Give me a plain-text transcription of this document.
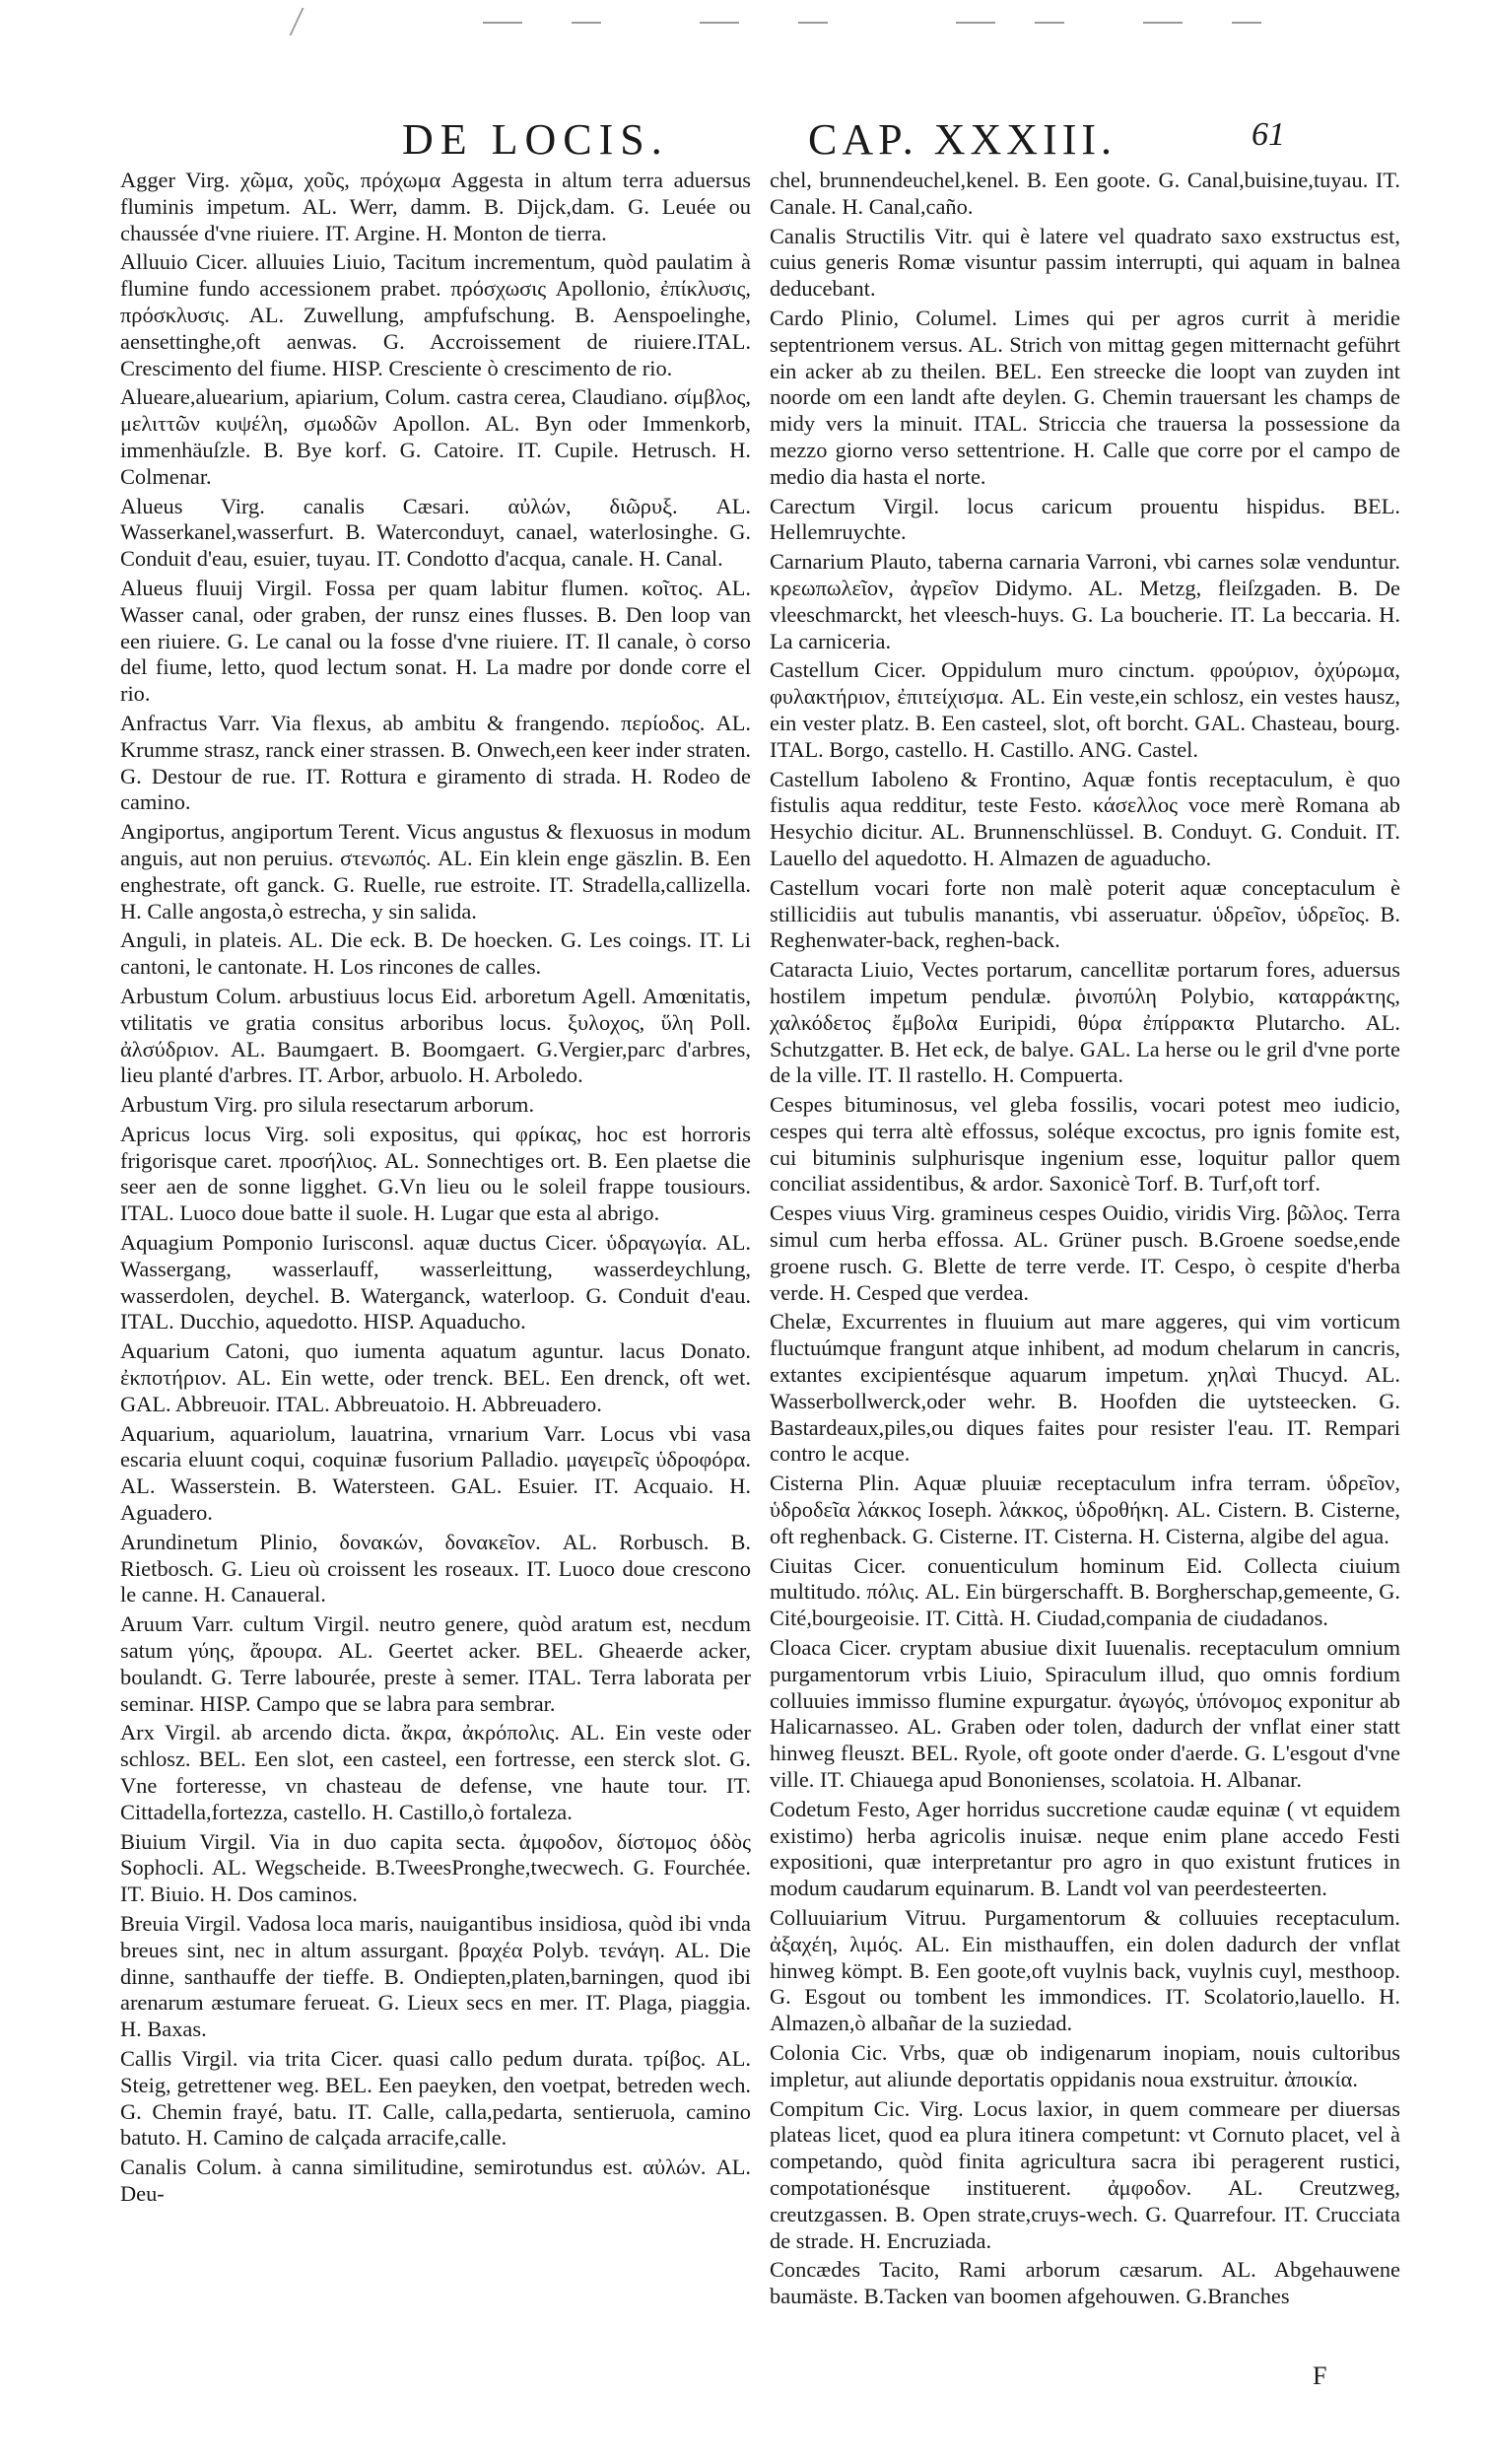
DE LOCIS.	CAP. XXXIII.	61

Agger Virg. χῶμα, χοῦς, πρόχωμα Aggesta in altum terra aduersus fluminis impetum. AL. Werr, damm. B. Dijck,dam. G. Leuée ou chaussée d'vne riuiere. IT. Argine. H. Monton de tierra.

Alluuio Cicer. alluuies Liuio, Tacitum incrementum, quòd paulatim à flumine fundo accessionem prabet. πρόσχωσις Apollonio, ἐπίκλυσις, πρόσκλυσις. AL. Zuwellung, ampfufschung. B. Aenspoelinghe, aensettinghe,oft aenwas. G. Accroissement de riuiere.ITAL. Crescimento del fiume. HISP. Cresciente ò crescimento de rio.

Alueare,aluearium, apiarium, Colum. castra cerea, Claudiano. σίμβλος, μελιττῶν κυψέλη, σμωδῶν Apollon. AL. Byn oder Immenkorb, immenhäuſzle. B. Bye korf. G. Catoire. IT. Cupile. Hetrusch. H. Colmenar.

Alueus Virg. canalis Cæsari. αὐλών, διῶρυξ. AL. Wasserkanel,wasserfurt. B. Waterconduyt, canael, waterlosinghe. G. Conduit d'eau, esuier, tuyau. IT. Condotto d'acqua, canale. H. Canal.

Alueus fluuij Virgil. Fossa per quam labitur flumen. κοῖτος. AL. Wasser canal, oder graben, der runsz eines flusses. B. Den loop van een riuiere. G. Le canal ou la fosse d'vne riuiere. IT. Il canale, ò corso del fiume, letto, quod lectum sonat. H. La madre por donde corre el rio.

Anfractus Varr. Via flexus, ab ambitu & frangendo. περίοδος. AL. Krumme strasz, ranck einer strassen. B. Onwech,een keer inder straten. G. Destour de rue. IT. Rottura e giramento di strada. H. Rodeo de camino.

Angiportus, angiportum Terent. Vicus angustus & flexuosus in modum anguis, aut non peruius. στενωπός. AL. Ein klein enge gäszlin. B. Een enghestrate, oft ganck. G. Ruelle, rue estroite. IT. Stradella,callizella. H. Calle angosta,ò estrecha, y sin salida.

Anguli, in plateis. AL. Die eck. B. De hoecken. G. Les coings. IT. Li cantoni, le cantonate. H. Los rincones de calles.

Arbustum Colum. arbustiuus locus Eid. arboretum Agell. Amœnitatis, vtilitatis ve gratia consitus arboribus locus. ξυλοχος, ὕλη Poll. ἀλσύδριον. AL. Baumgaert. B. Boomgaert. G.Vergier,parc d'arbres, lieu planté d'arbres. IT. Arbor, arbuolo. H. Arboledo.

Arbustum Virg. pro silula resectarum arborum.

Apricus locus Virg. soli expositus, qui φρίκας, hoc est horroris frigorisque caret. προσήλιος. AL. Sonnechtiges ort. B. Een plaetse die seer aen de sonne ligghet. G.Vn lieu ou le soleil frappe tousiours. ITAL. Luoco doue batte il suole. H. Lugar que esta al abrigo.

Aquagium Pomponio Iurisconsl. aquæ ductus Cicer. ὑδραγωγία. AL. Wassergang, wasserlauff, wasserleittung, wasserdeychlung, wasserdolen, deychel. B. Waterganck, waterloop. G. Conduit d'eau. ITAL. Ducchio, aquedotto. HISP. Aquaducho.

Aquarium Catoni, quo iumenta aquatum aguntur. lacus Donato. ἐκποτήριον. AL. Ein wette, oder trenck. BEL. Een drenck, oft wet. GAL. Abbreuoir. ITAL. Abbreuatoio. H. Abbreuadero.

Aquarium, aquariolum, lauatrina, vrnarium Varr. Locus vbi vasa escaria eluunt coqui, coquinæ fusorium Palladio. μαγειρεῖς ὑδροφόρα. AL. Wasserstein. B. Watersteen. GAL. Esuier. IT. Acquaio. H. Aguadero.

Arundinetum Plinio, δονακών, δονακεῖον. AL. Rorbusch. B. Rietbosch. G. Lieu où croissent les roseaux. IT. Luoco doue crescono le canne. H. Canaueral.

Aruum Varr. cultum Virgil. neutro genere, quòd aratum est, necdum satum γύης, ἄρουρα. AL. Geertet acker. BEL. Gheaerde acker, boulandt. G. Terre labourée, preste à semer. ITAL. Terra laborata per seminar. HISP. Campo que se labra para sembrar.

Arx Virgil. ab arcendo dicta. ἄκρα, ἀκρόπολις. AL. Ein veste oder schlosz. BEL. Een slot, een casteel, een fortresse, een sterck slot. G. Vne forteresse, vn chasteau de defense, vne haute tour. IT. Cittadella,fortezza, castello. H. Castillo,ò fortaleza.

Biuium Virgil. Via in duo capita secta. ἀμφοδον, δίστομος ὁδὸς Sophocli. AL. Wegscheide. B.TweesPronghe,twecwech. G. Fourchée. IT. Biuio. H. Dos caminos.

Breuia Virgil. Vadosa loca maris, nauigantibus insidiosa, quòd ibi vnda breues sint, nec in altum assurgant. βραχέα Polyb. τενάγη. AL. Die dinne, santhauffe der tieffe. B. Ondiepten,platen,barningen, quod ibi arenarum æstumare ferueat. G. Lieux secs en mer. IT. Plaga, piaggia. H. Baxas.

Callis Virgil. via trita Cicer. quasi callo pedum durata. τρίβος. AL. Steig, getrettener weg. BEL. Een paeyken, den voetpat, betreden wech. G. Chemin frayé, batu. IT. Calle, calla,pedarta, sentieruola, camino batuto. H. Camino de calçada arracife,calle.

Canalis Colum. à canna similitudine, semirotundus est. αὐλών. AL. Deu-

chel, brunnendeuchel,kenel. B. Een goote. G. Canal,buisine,tuyau. IT. Canale. H. Canal,caño.

Canalis Structilis Vitr. qui è latere vel quadrato saxo exstructus est, cuius generis Romæ visuntur passim interrupti, qui aquam in balnea deducebant.

Cardo Plinio, Columel. Limes qui per agros currit à meridie septentrionem versus. AL. Strich von mittag gegen mitternacht geführt ein acker ab zu theilen. BEL. Een streecke die loopt van zuyden int noorde om een landt afte deylen. G. Chemin trauersant les champs de midy vers la minuit. ITAL. Striccia che trauersa la possessione da mezzo giorno verso settentrione. H. Calle que corre por el campo de medio dia hasta el norte.

Carectum Virgil. locus caricum prouentu hispidus. BEL. Hellemruychte.

Carnarium Plauto, taberna carnaria Varroni, vbi carnes solæ venduntur. κρεωπωλεῖον, ἀγρεῖον Didymo. AL. Metzg, fleiſzgaden. B. De vleeschmarckt, het vleesch-huys. G. La boucherie. IT. La beccaria. H. La carniceria.

Castellum Cicer. Oppidulum muro cinctum. φρούριον, ὀχύρωμα, φυλακτήριον, ἐπιτείχισμα. AL. Ein veste,ein schlosz, ein vestes hausz, ein vester platz. B. Een casteel, slot, oft borcht. GAL. Chasteau, bourg. ITAL. Borgo, castello. H. Castillo. ANG. Castel.

Castellum Iaboleno & Frontino, Aquæ fontis receptaculum, è quo fistulis aqua redditur, teste Festo. κάσελλος voce merè Romana ab Hesychio dicitur. AL. Brunnenschlüssel. B. Conduyt. G. Conduit. IT. Lauello del aquedotto. H. Almazen de aguaducho.

Castellum vocari forte non malè poterit aquæ conceptaculum è stillicidiis aut tubulis manantis, vbi asseruatur. ὑδρεῖον, ὑδρεῖος. B. Reghenwater-back, reghen-back.

Cataracta Liuio, Vectes portarum, cancellitæ portarum fores, aduersus hostilem impetum pendulæ. ῥινοπύλη Polybio, καταρράκτης, χαλκόδετος ἔμβολα Euripidi, θύρα ἐπίρρακτα Plutarcho. AL. Schutzgatter. B. Het eck, de balye. GAL. La herse ou le gril d'vne porte de la ville. IT. Il rastello. H. Compuerta.

Cespes bituminosus, vel gleba fossilis, vocari potest meo iudicio, cespes qui terra altè effossus, soléque excoctus, pro ignis fomite est, cui bituminis sulphurisque ingenium esse, loquitur pallor quem conciliat assidentibus, & ardor. Saxonicè Torf. B. Turf,oft torf.

Cespes viuus Virg. gramineus cespes Ouidio, viridis Virg. βῶλος. Terra simul cum herba effossa. AL. Grüner pusch. B.Groene soedse,ende groene rusch. G. Blette de terre verde. IT. Cespo, ò cespite d'herba verde. H. Cesped que verdea.

Chelæ, Excurrentes in fluuium aut mare aggeres, qui vim vorticum fluctuúmque frangunt atque inhibent, ad modum chelarum in cancris, extantes excipientésque aquarum impetum. χηλαὶ Thucyd. AL. Wasserbollwerck,oder wehr. B. Hoofden die uytsteecken. G. Bastardeaux,piles,ou diques faites pour resister l'eau. IT. Rempari contro le acque.

Cisterna Plin. Aquæ pluuiæ receptaculum infra terram. ὑδρεῖον, ὑδροδεῖα λάκκος Ioseph. λάκκος, ὑδροθήκη. AL. Cistern. B. Cisterne, oft reghenback. G. Cisterne. IT. Cisterna. H. Cisterna, algibe del agua.

Ciuitas Cicer. conuenticulum hominum Eid. Collecta ciuium multitudo. πόλις. AL. Ein bürgerschafft. B. Borgherschap,gemeente, G. Cité,bourgeoisie. IT. Città. H. Ciudad,compania de ciudadanos.

Cloaca Cicer. cryptam abusiue dixit Iuuenalis. receptaculum omnium purgamentorum vrbis Liuio, Spiraculum illud, quo omnis fordium colluuies immisso flumine expurgatur. ἀγωγός, ὑπόνομος exponitur ab Halicarnasseo. AL. Graben oder tolen, dadurch der vnflat einer statt hinweg fleuszt. BEL. Ryole, oft goote onder d'aerde. G. L'esgout d'vne ville. IT. Chiauega apud Bononienses, scolatoia. H. Albanar.

Codetum Festo, Ager horridus succretione caudæ equinæ ( vt equidem existimo) herba agricolis inuisæ. neque enim plane accedo Festi expositioni, quæ interpretantur pro agro in quo existunt frutices in modum caudarum equinarum. B. Landt vol van peerdesteerten.

Colluuiarium Vitruu. Purgamentorum & colluuies receptaculum. ἀξαχέη, λιμός. AL. Ein misthauffen, ein dolen dadurch der vnflat hinweg kömpt. B. Een goote,oft vuylnis back, vuylnis cuyl, mesthoop. G. Esgout ou tombent les immondices. IT. Scolatorio,lauello. H. Almazen,ò albañar de la suziedad.

Colonia Cic. Vrbs, quæ ob indigenarum inopiam, nouis cultoribus impletur, aut aliunde deportatis oppidanis noua exstruitur. ἀποικία.

Compitum Cic. Virg. Locus laxior, in quem commeare per diuersas plateas licet, quod ea plura itinera competunt: vt Cornuto placet, vel à competando, quòd finita agricultura sacra ibi peragerent rustici, compotationésque instituerent. ἀμφοδον. AL. Creutzweg, creutzgassen. B. Open strate,cruys-wech. G. Quarrefour. IT. Crucciata de strade. H. Encruziada.

Concædes Tacito, Rami arborum cæsarum. AL. Abgehauwene baumäste. B.Tacken van boomen afgehouwen. G.Branches

F
